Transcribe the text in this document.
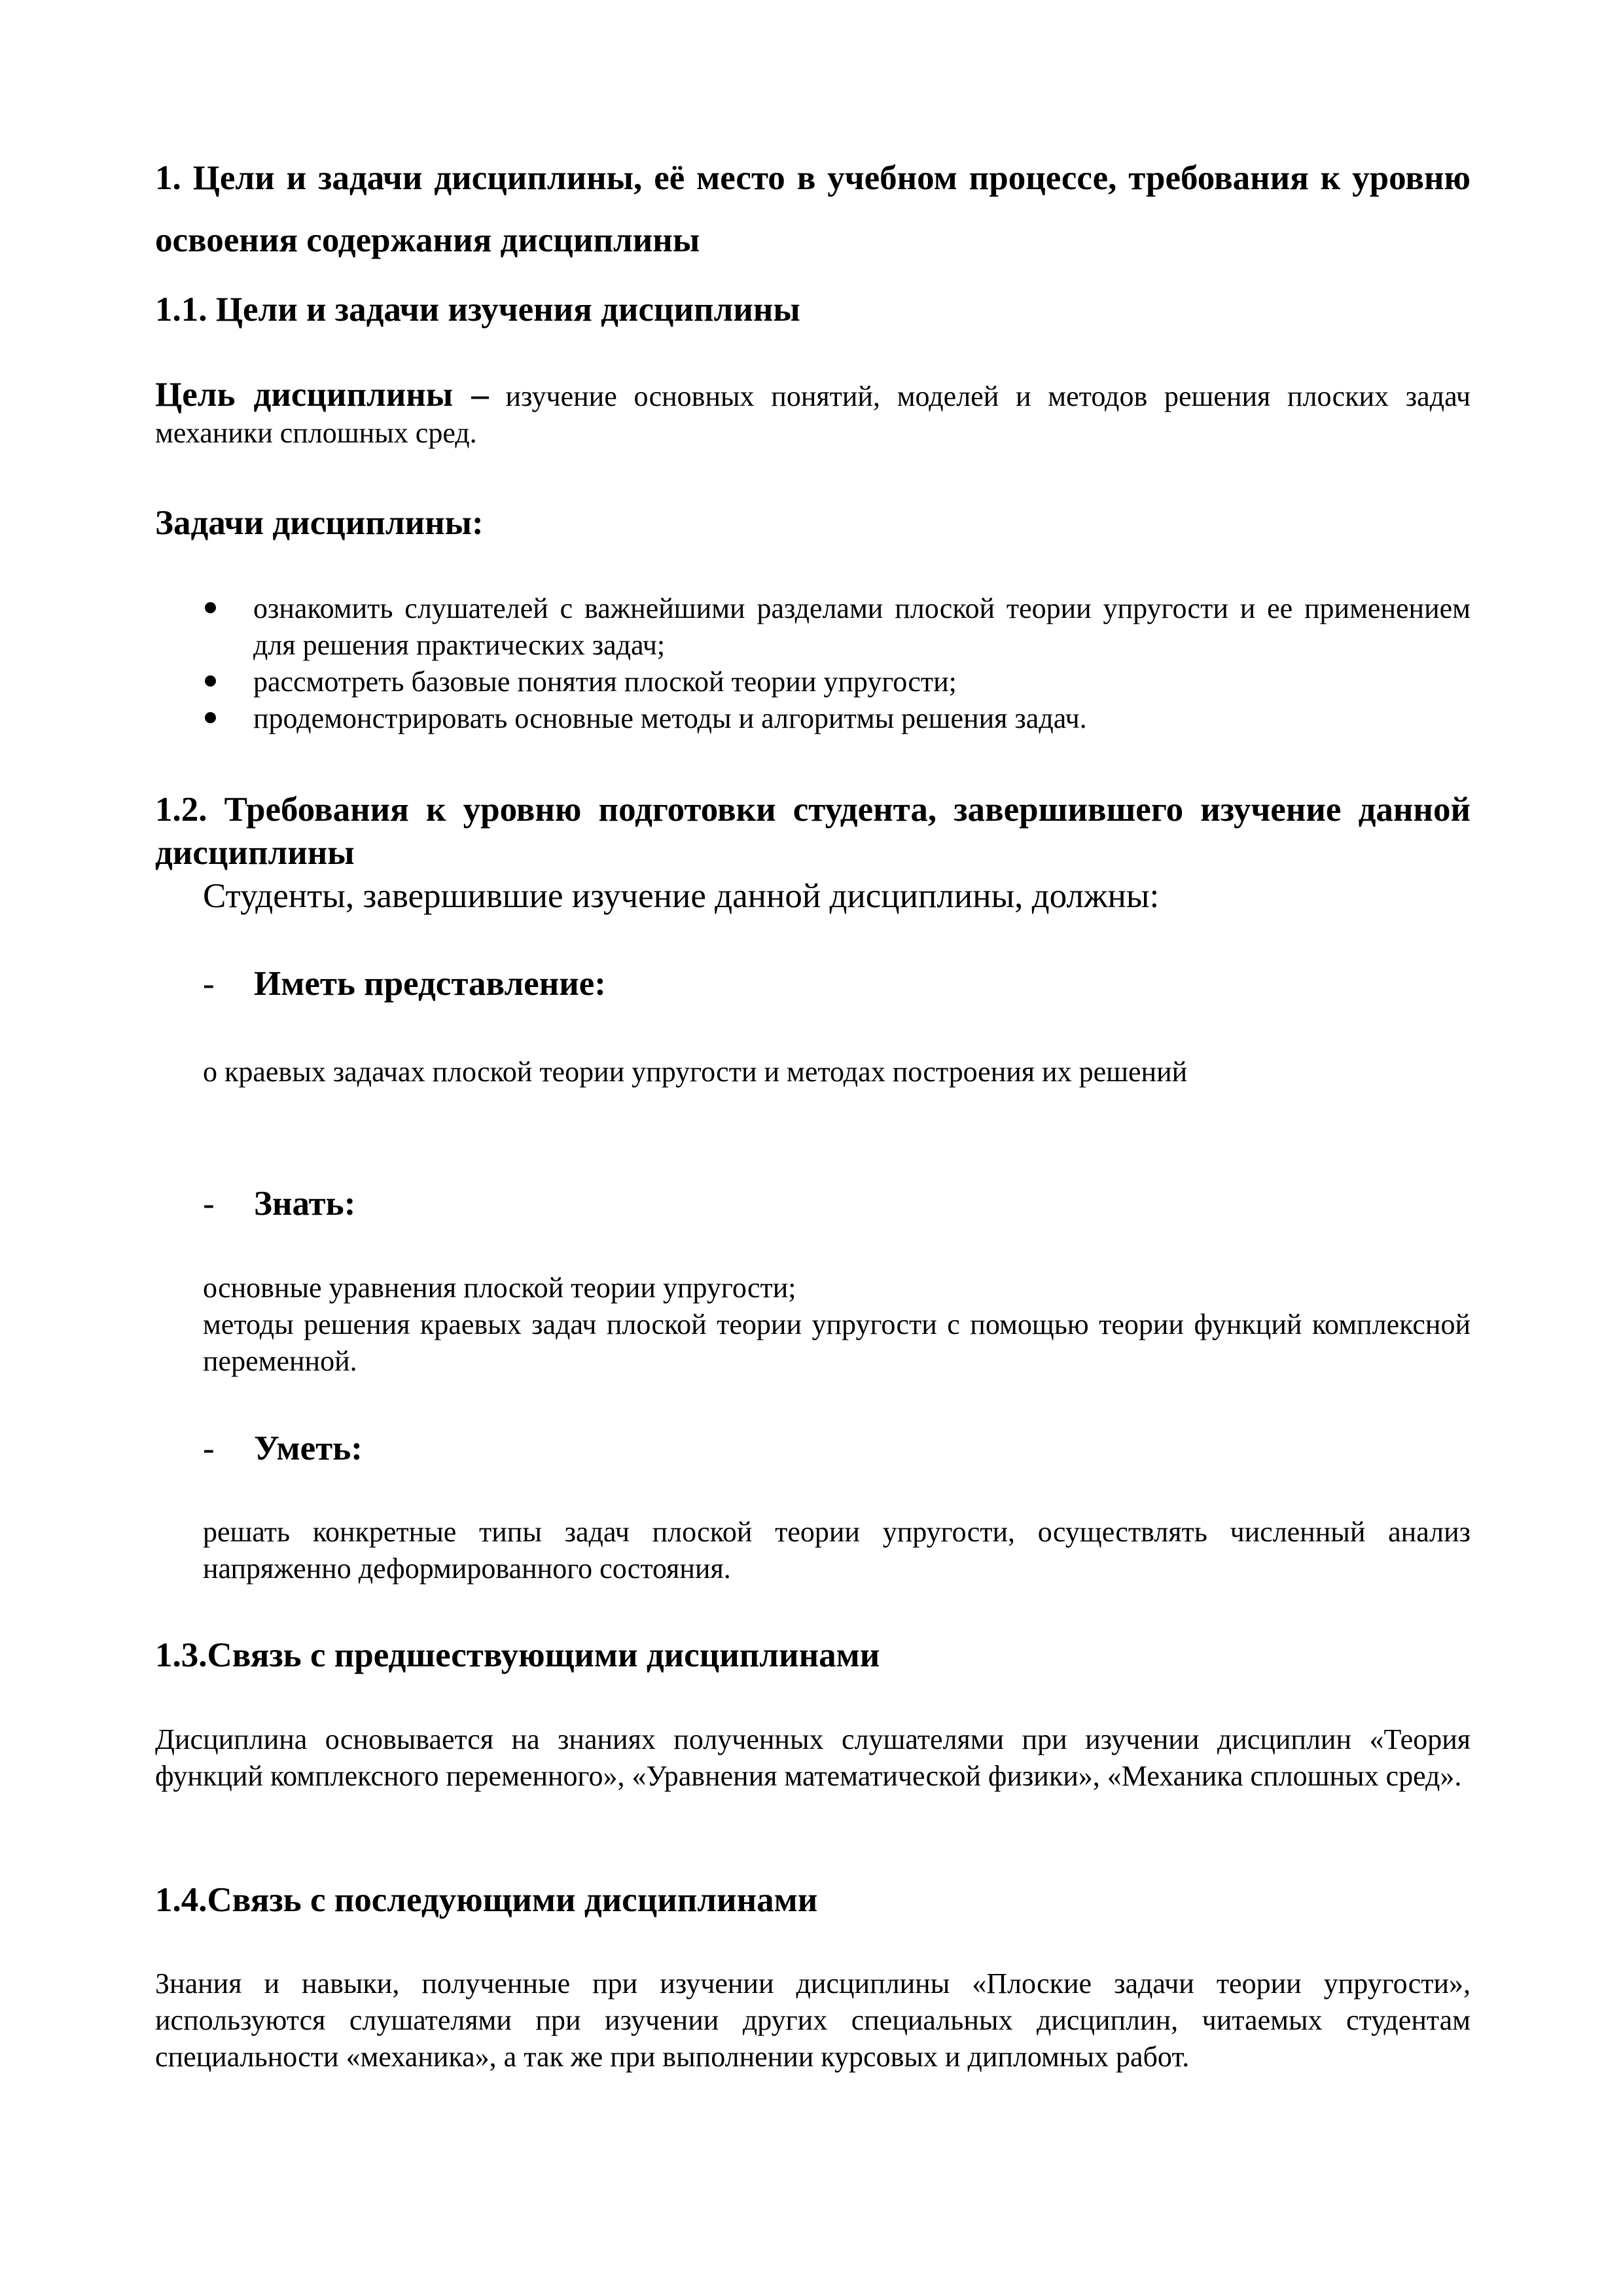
1. Цели и задачи дисциплины, её место в учебном процессе, требования к уровню освоения содержания дисциплины
1.1. Цели и задачи изучения дисциплины

Цель дисциплины – изучение основных понятий, моделей и методов решения плоских задач механики сплошных сред.

Задачи дисциплины:
ознакомить слушателей с важнейшими разделами плоской теории упругости и ее применением для решения практических задач;
рассмотреть базовые понятия плоской теории упругости;
продемонстрировать основные методы и алгоритмы решения задач.
1.2. Требования к уровню подготовки студента, завершившего изучение данной дисциплины
Студенты, завершившие изучение данной дисциплины, должны:
- Иметь представление:
о краевых задачах плоской теории упругости и методах построения их решений
- Знать:
основные уравнения плоской теории упругости;
методы решения краевых задач плоской теории упругости с помощью теории функций комплексной переменной.
- Уметь:
решать конкретные типы задач плоской теории упругости, осуществлять численный анализ напряженно деформированного состояния.
1.3.Связь с предшествующими дисциплинами
Дисциплина основывается на знаниях полученных слушателями при изучении дисциплин «Теория функций комплексного переменного», «Уравнения математической физики», «Механика сплошных сред».
1.4.Связь с последующими дисциплинами
Знания и навыки, полученные при изучении дисциплины «Плоские задачи теории упругости», используются слушателями при изучении других специальных дисциплин, читаемых студентам специальности «механика», а так же при выполнении курсовых и дипломных работ.
